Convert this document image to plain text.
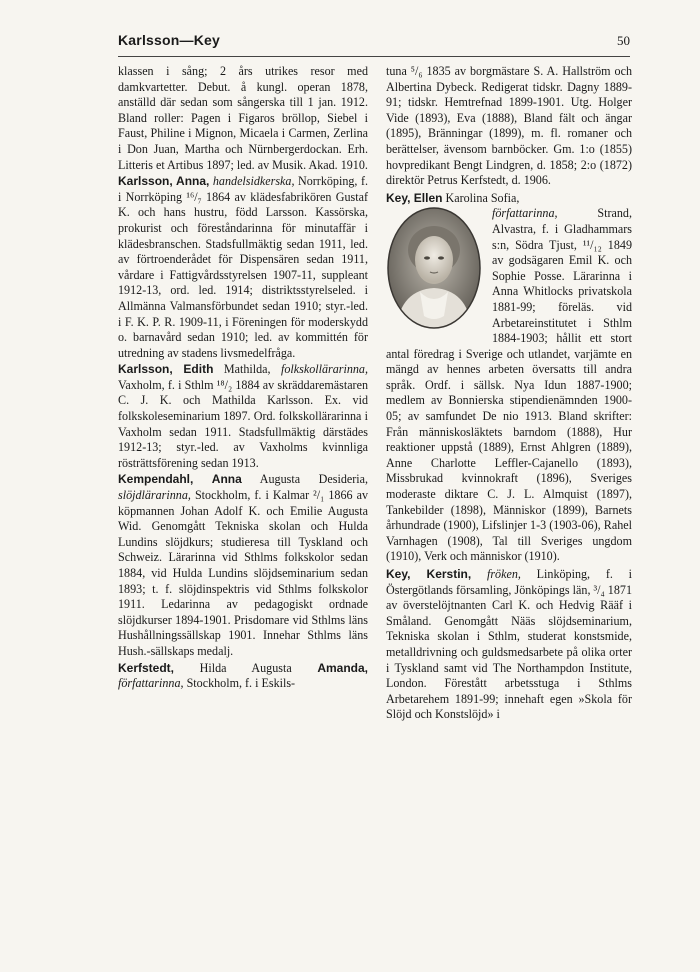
Karlsson—Key	50

klassen i sång; 2 års utrikes resor med damkvartetter. Debut. å kungl. operan 1878, anställd där sedan som sångerska till 1 jan. 1912. Bland roller: Pagen i Figaros bröllop, Siebel i Faust, Philine i Mignon, Micaela i Carmen, Zerlina i Don Juan, Martha och Nürnbergerdockan. Erh. Litteris et Artibus 1897; led. av Musik. Akad. 1910.

Karlsson, Anna, handelsidkerska, Norrköping, f. i Norrköping ¹⁶/₇ 1864 av klädesfabrikören Gustaf K. och hans hustru, född Larsson. Kassörska, prokurist och föreståndarinna för minutaffär i klädesbranschen. Stadsfullmäktig sedan 1911, led. av förtroenderådet för Dispensären sedan 1911, vårdare i Fattigvårdsstyrelsen 1907-11, suppleant 1912-13, ord. led. 1914; distriktsstyrelseled. i Allmänna Valmansförbundet sedan 1910; styr.-led. i F. K. P. R. 1909-11, i Föreningen för moderskydd o. barnavård sedan 1910; led. av kommittén för utredning av stadens livsmedelfråga.

Karlsson, Edith Mathilda, folkskollärarinna, Vaxholm, f. i Sthlm ¹⁸/₂ 1884 av skräddaremästaren C. J. K. och Mathilda Karlsson. Ex. vid folkskoleseminarium 1897. Ord. folkskollärarinna i Vaxholm sedan 1911. Stadsfullmäktig därstädes 1912-13; styr.-led. av Vaxholms kvinnliga rösträttsförening sedan 1913.

Kempendahl, Anna Augusta Desideria, slöjdlärarinna, Stockholm, f. i Kalmar ²/₁ 1866 av köpmannen Johan Adolf K. och Emilie Augusta Wid. Genomgått Tekniska skolan och Hulda Lundins slöjdkurs; studieresa till Tyskland och Schweiz. Lärarinna vid Sthlms folkskolor sedan 1884, vid Hulda Lundins slöjdseminarium sedan 1893; t. f. slöjdinspektris vid Sthlms folkskolor 1911. Ledarinna av pedagogiskt ordnade slöjdkurser 1894-1901. Prisdomare vid Sthlms läns Hushållningssällskap 1901. Innehar Sthlms läns Hush.-sällskaps medalj.

Kerfstedt, Hilda Augusta Amanda, författarinna, Stockholm, f. i Eskils-

tuna ⁵/₆ 1835 av borgmästare S. A. Hallström och Albertina Dybeck. Redigerat tidskr. Dagny 1889-91; tidskr. Hemtrefnad 1899-1901. Utg. Holger Vide (1893), Eva (1888), Bland fält och ängar (1895), Bränningar (1899), m. fl. romaner och berättelser, ävensom barnböcker. Gm. 1:o (1855) hovpredikant Bengt Lindgren, d. 1858; 2:o (1872) direktör Petrus Kerfstedt, d. 1906.

Key, Ellen Karolina Sofia,

författarinna,	Strand, Alvastra, f. i Gladhammars s:n, Södra Tjust, ¹¹/₁₂ 1849 av godsägaren Emil K. och Sophie Posse. Lärarinna i Anna Whitlocks privatskola 1881-99; föreläs. vid Arbetareinstitutet i Sthlm 1884-1903; hållit ett stort antal föredrag i Sverige och utlandet, varjämte en mängd av hennes arbeten översatts till andra språk. Ordf. i sällsk. Nya Idun 1887-1900; medlem av Bonnierska stipendienämnden 1900-05; av samfundet De nio 1913. Bland skrifter: Från människosläktets barndom (1888), Hur reaktioner uppstå (1889), Ernst Ahlgren (1889), Anne Charlotte Leffler-Cajanello (1893), Missbrukad kvinnokraft (1896), Sveriges moderaste diktare C. J. L. Almquist (1897), Tankebilder (1898), Människor (1899), Barnets århundrade (1900), Lifslinjer 1-3 (1903-06), Rahel Varnhagen (1908), Tal till Sveriges ungdom (1910), Verk och människor (1910).

Key, Kerstin, fröken, Linköping, f. i Östergötlands församling, Jönköpings län, ³/₄ 1871 av överstelöjtnanten Carl K. och Hedvig Rääf i Småland. Genomgått Nääs slöjdseminarium, Tekniska skolan i Sthlm, studerat konstsmide, metalldrivning och guldsmedsarbete på olika orter i Tyskland samt vid The Northampdon Institute, London. Förestått arbetsstuga i Sthlms Arbetarehem 1891-99; innehaft egen »Skola för Slöjd och Konstslöjd» i
